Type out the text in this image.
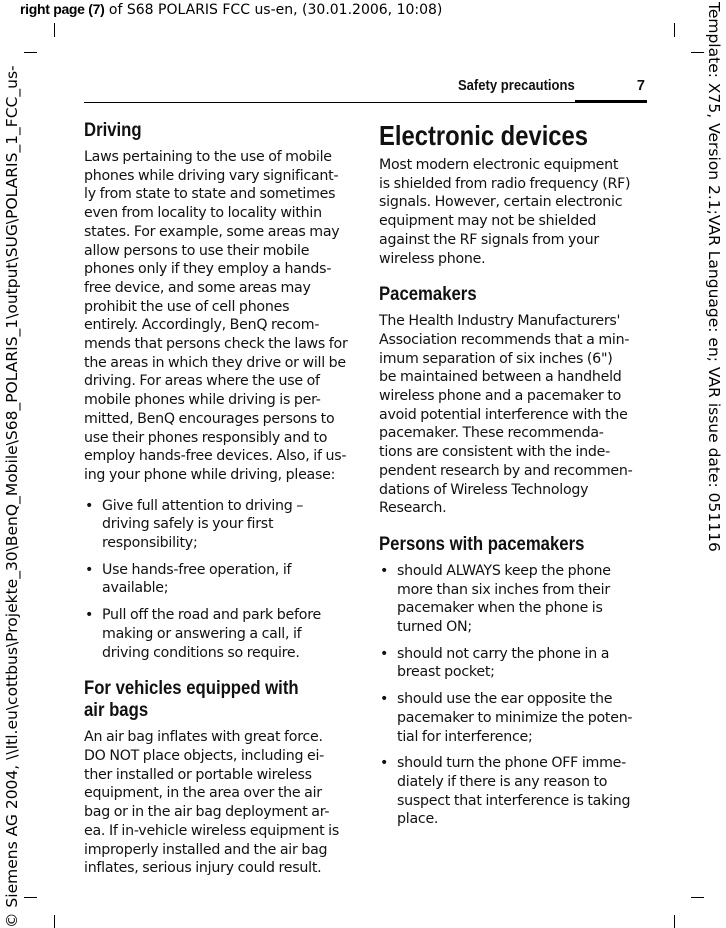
right page (7) of S68 POLARIS FCC us-en, (30.01.2006, 10:08)
© Siemens AG 2004, \\Itl.eu\cottbus\Projekte_30\BenQ_Mobile\S68_POLARIS_1\output\SUG\POLARIS_1_FCC_us-	Template: X75, Version 2.1;VAR Language: en; VAR issue date: 051116
Safety precautions	7
Driving

Laws pertaining to the use of mobile
phones while driving vary significant-
ly from state to state and sometimes
even from locality to locality within
states. For example, some areas may
allow persons to use their mobile
phones only if they employ a hands-
free device, and some areas may
prohibit the use of cell phones
entirely. Accordingly, BenQ recom-
mends that persons check the laws for
the areas in which they drive or will be
driving. For areas where the use of
mobile phones while driving is per-
mitted, BenQ encourages persons to
use their phones responsibly and to
employ hands-free devices. Also, if us-
ing your phone while driving, please:

• Give full attention to driving –
driving safely is your first
responsibility;
• Use hands-free operation, if
available;
• Pull off the road and park before
making or answering a call, if
driving conditions so require.
For vehicles equipped with
air bags

An air bag inflates with great force.
DO NOT place objects, including ei-
ther installed or portable wireless
equipment, in the area over the air
bag or in the air bag deployment ar-
ea. If in-vehicle wireless equipment is
improperly installed and the air bag
inflates, serious injury could result.

Electronic devices

Most modern electronic equipment
is shielded from radio frequency (RF)
signals. However, certain electronic
equipment may not be shielded
against the RF signals from your
wireless phone.

Pacemakers

The Health Industry Manufacturers'
Association recommends that a min-
imum separation of six inches (6")
be maintained between a handheld
wireless phone and a pacemaker to
avoid potential interference with the
pacemaker. These recommenda-
tions are consistent with the inde-
pendent research by and recommen-
dations of Wireless Technology
Research.

Persons with pacemakers
• should ALWAYS keep the phone
more than six inches from their
pacemaker when the phone is
turned ON;
• should not carry the phone in a
breast pocket;
• should use the ear opposite the
pacemaker to minimize the poten-
tial for interference;
• should turn the phone OFF imme-
diately if there is any reason to
suspect that interference is taking
place.
